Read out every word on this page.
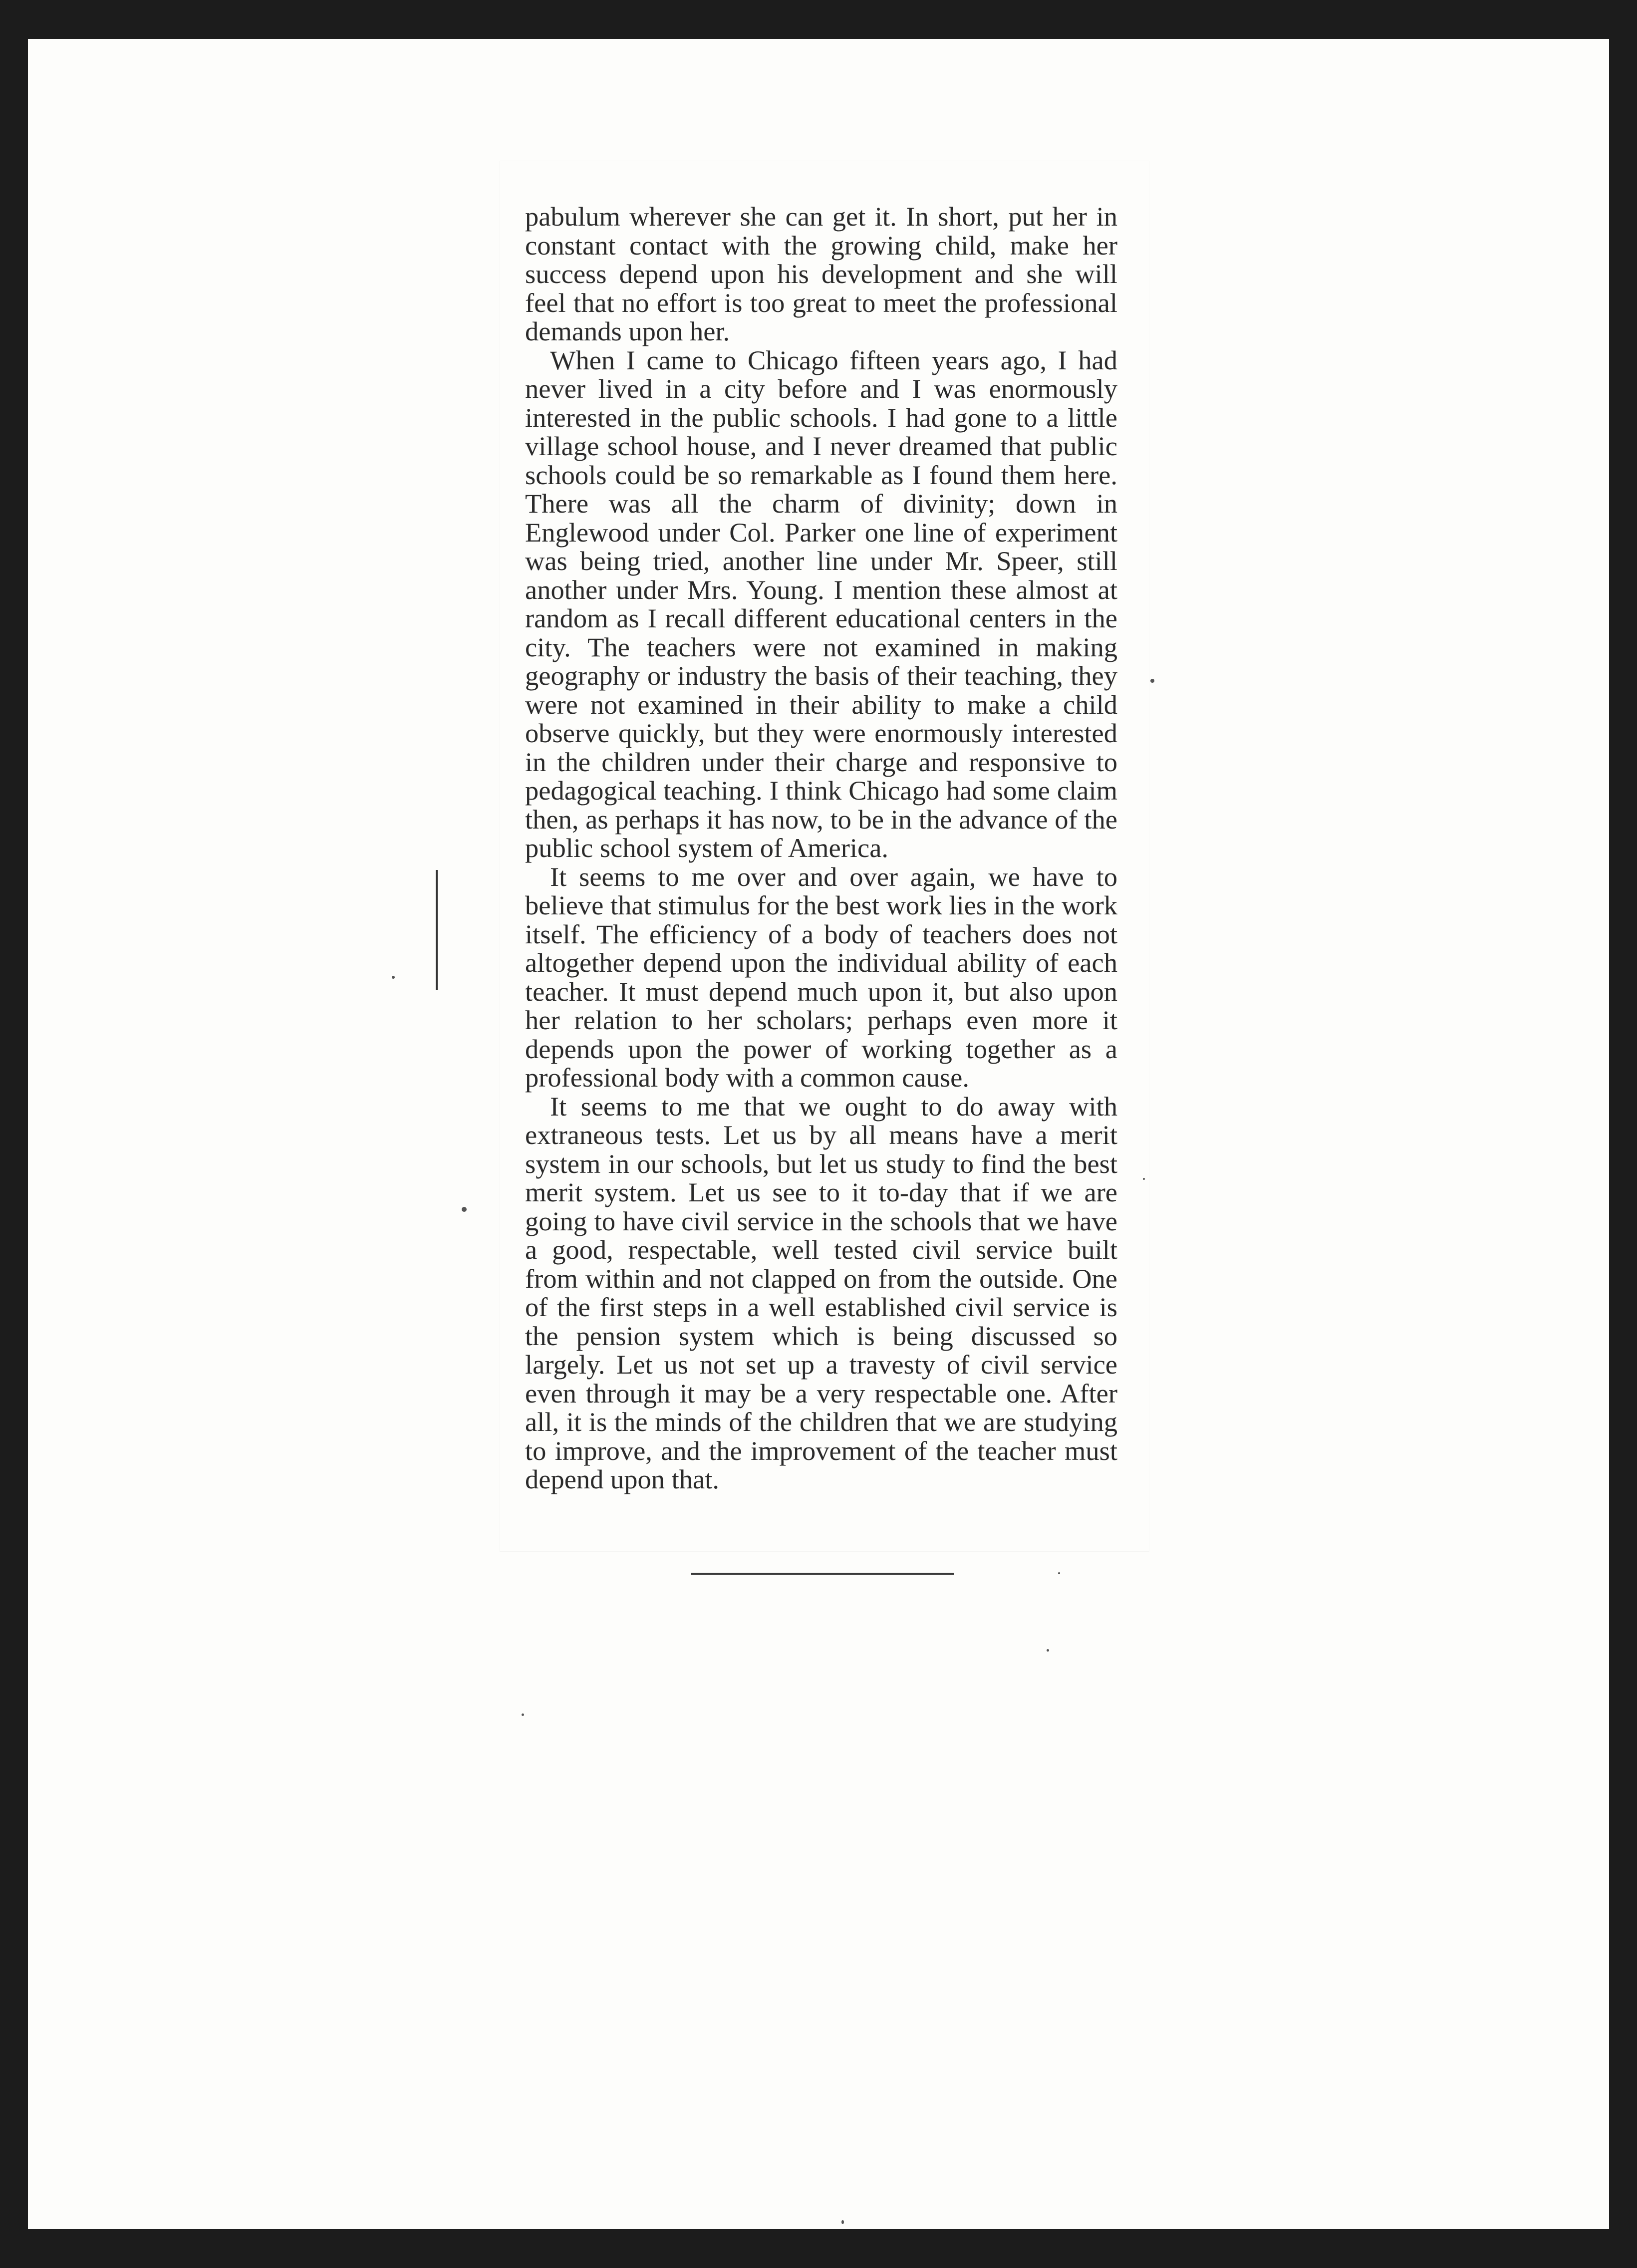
pabulum wherever she can get it. In short, put her in constant contact with the growing child, make her success depend upon his development and she will feel that no effort is too great to meet the professional demands upon her.

When I came to Chicago fifteen years ago, I had never lived in a city before and I was enormously interested in the public schools. I had gone to a little village school house, and I never dreamed that public schools could be so remarkable as I found them here. There was all the charm of divinity; down in Englewood under Col. Parker one line of experiment was being tried, another line under Mr. Speer, still another under Mrs. Young. I mention these almost at random as I recall different educational centers in the city. The teachers were not examined in making geography or industry the basis of their teaching, they were not examined in their ability to make a child observe quickly, but they were enormously interested in the children under their charge and responsive to pedagogical teaching. I think Chicago had some claim then, as perhaps it has now, to be in the advance of the public school system of America.

It seems to me over and over again, we have to believe that stimulus for the best work lies in the work itself. The efficiency of a body of teachers does not altogether depend upon the individual ability of each teacher. It must depend much upon it, but also upon her relation to her scholars; perhaps even more it depends upon the power of working together as a professional body with a common cause.

It seems to me that we ought to do away with extraneous tests. Let us by all means have a merit system in our schools, but let us study to find the best merit system. Let us see to it to-day that if we are going to have civil service in the schools that we have a good, respectable, well tested civil service built from within and not clapped on from the outside. One of the first steps in a well established civil service is the pension system which is being discussed so largely. Let us not set up a travesty of civil service even through it may be a very respectable one. After all, it is the minds of the children that we are studying to improve, and the improvement of the teacher must depend upon that.
